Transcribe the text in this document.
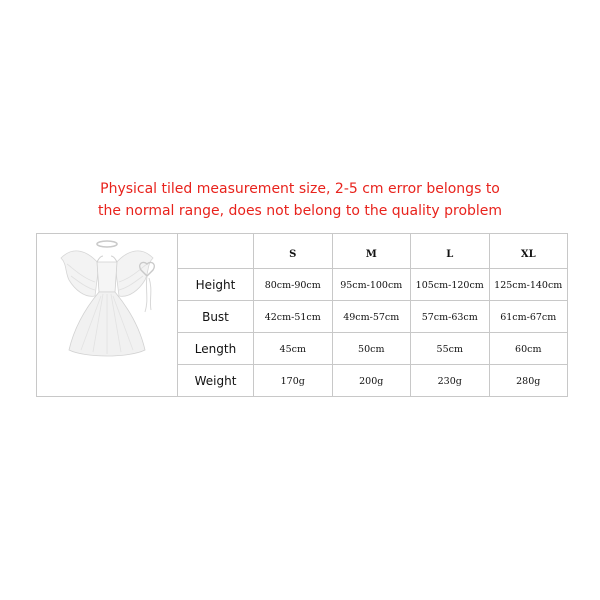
Physical tiled measurement size, 2-5 cm error belongs to
the normal range, does not belong to the quality problem
		S	M	L	XL
	Height	80cm-90cm	95cm-100cm	105cm-120cm	125cm-140cm
	Bust	42cm-51cm	49cm-57cm	57cm-63cm	61cm-67cm
	Length	45cm	50cm	55cm	60cm
	Weight	170g	200g	230g	280g
